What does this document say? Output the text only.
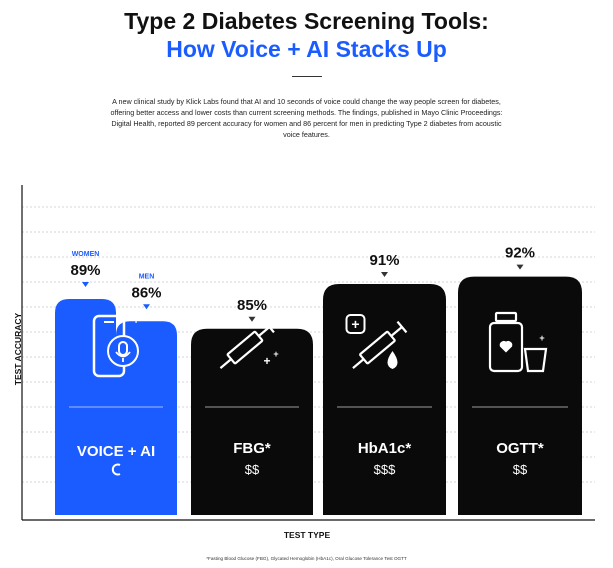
Type 2 Diabetes Screening Tools:
How Voice + AI Stacks Up
A new clinical study by Klick Labs found that AI and 10 seconds of voice could change the way people screen for diabetes, offering better access and lower costs than current screening methods. The findings, published in Mayo Clinic Proceedings: Digital Health, reported 89 percent accuracy for women and 86 percent for men in predicting Type 2 diabetes from acoustic voice features.
TEST ACCURACY
WOMEN
89%	MEN
86%
VOICE + AI
85%
FBG*
$$
91%
HbA1c*
$$$
92%
OGTT*
$$
+
+ +
+
+
TEST TYPE
*Fasting Blood Glucose (FBG), Glycated Hemoglobin (HbA1c), Oral Glucose Tolerance Test OGTT
